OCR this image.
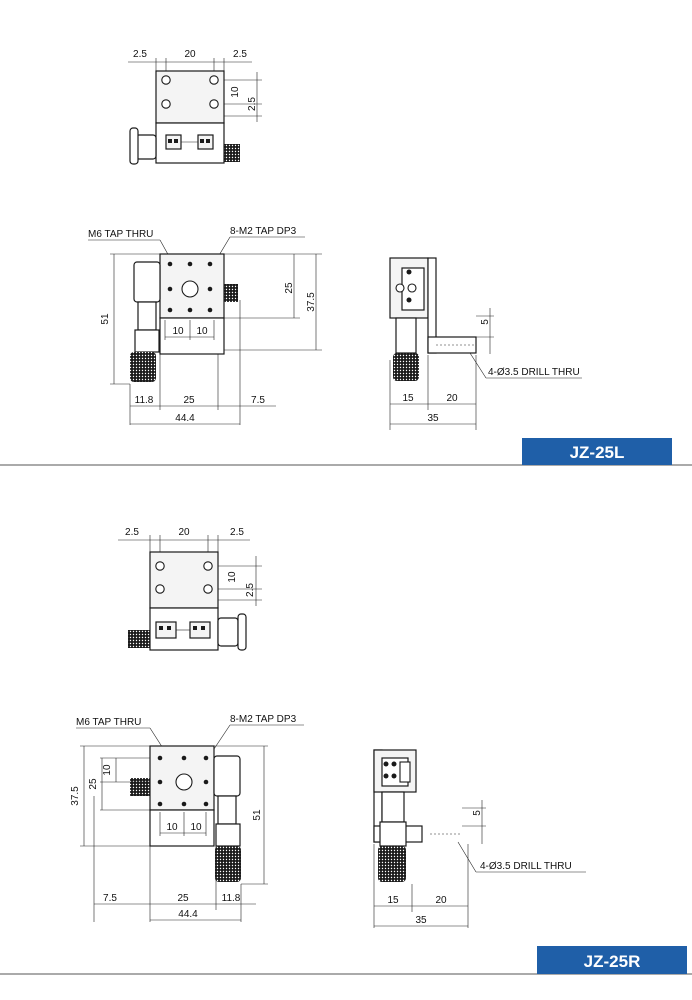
2.5	20	2.5
10
2.5
M6 TAP THRU	8-M2 TAP DP3
51
25
37.5
10 10
11.8	25	7.5
44.4
5
4-Ø3.5 DRILL THRU
15	20
35
JZ-25L
2.5	20	2.5
10
2.5
M6 TAP THRU	8-M2 TAP DP3
37.5
25
10
10 10
51
7.5	25	11.8
44.4
5
4-Ø3.5 DRILL THRU
15	20
35
JZ-25R
